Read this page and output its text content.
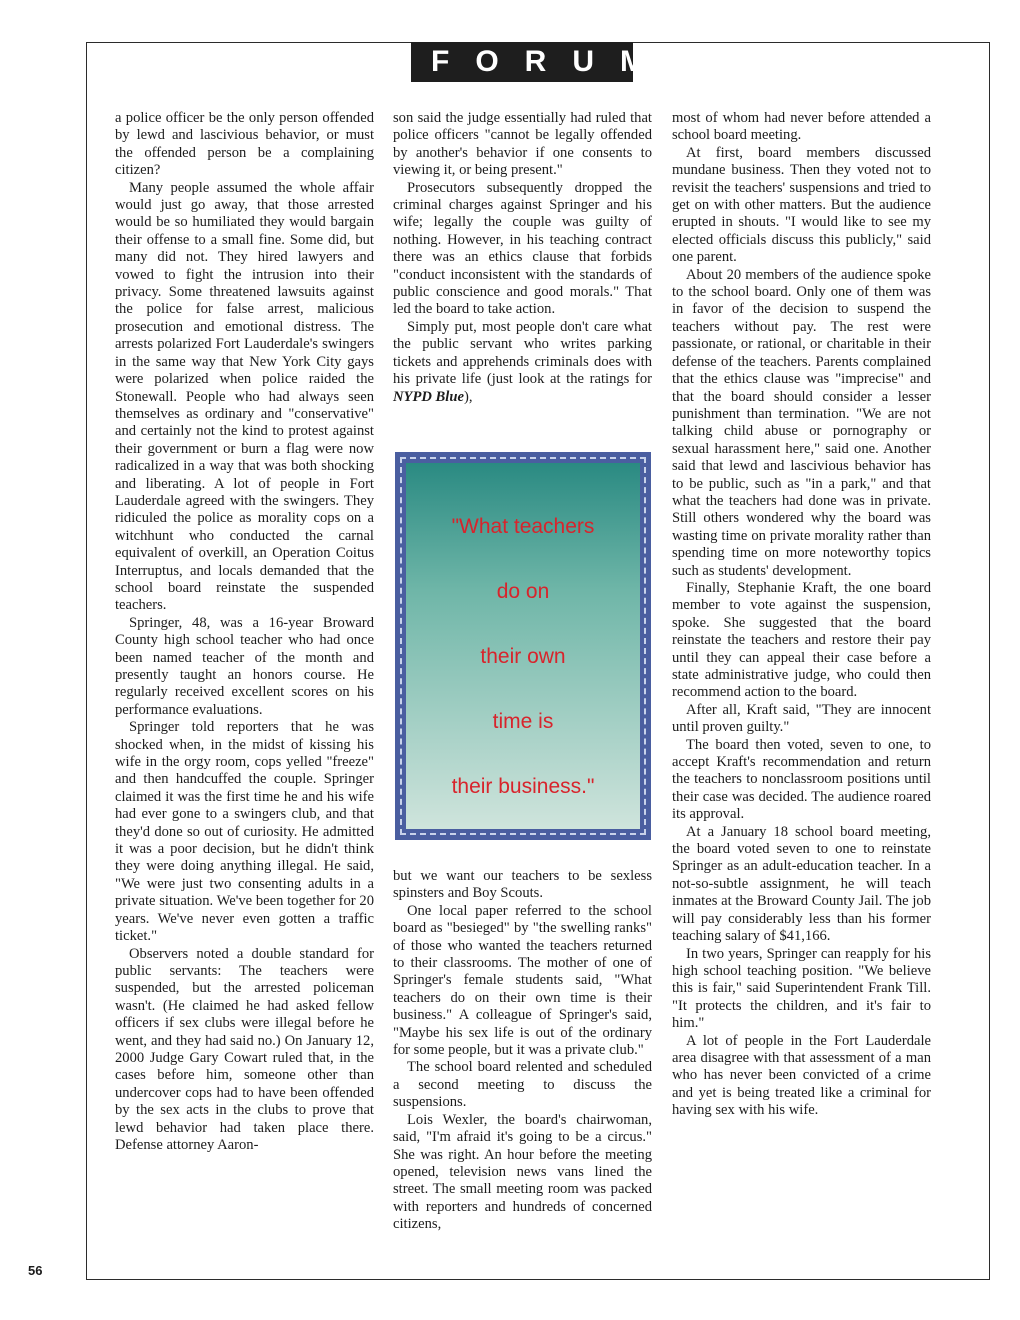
FORUM

a police officer be the only person offended by lewd and lascivious behavior, or must the offended person be a complaining citizen?

Many people assumed the whole affair would just go away, that those arrested would be so humiliated they would bargain their offense to a small fine. Some did, but many did not. They hired lawyers and vowed to fight the intrusion into their privacy. Some threatened lawsuits against the police for false arrest, malicious prosecution and emotional distress. The arrests polarized Fort Lauderdale's swingers in the same way that New York City gays were polarized when police raided the Stonewall. People who had always seen themselves as ordinary and "conservative" and certainly not the kind to protest against their government or burn a flag were now radicalized in a way that was both shocking and liberating. A lot of people in Fort Lauderdale agreed with the swingers. They ridiculed the police as morality cops on a witchhunt who conducted the carnal equivalent of overkill, an Operation Coitus Interruptus, and locals demanded that the school board reinstate the suspended teachers.

Springer, 48, was a 16-year Broward County high school teacher who had once been named teacher of the month and presently taught an honors course. He regularly received excellent scores on his performance evaluations.

Springer told reporters that he was shocked when, in the midst of kissing his wife in the orgy room, cops yelled "freeze" and then handcuffed the couple. Springer claimed it was the first time he and his wife had ever gone to a swingers club, and that they'd done so out of curiosity. He admitted it was a poor decision, but he didn't think they were doing anything illegal. He said, "We were just two consenting adults in a private situation. We've been together for 20 years. We've never even gotten a traffic ticket."

Observers noted a double standard for public servants: The teachers were suspended, but the arrested policeman wasn't. (He claimed he had asked fellow officers if sex clubs were illegal before he went, and they had said no.) On January 12, 2000 Judge Gary Cowart ruled that, in the cases before him, someone other than undercover cops had to have been offended by the sex acts in the clubs to prove that lewd behavior had taken place there. Defense attorney Aaron-

son said the judge essentially had ruled that police officers "cannot be legally offended by another's behavior if one consents to viewing it, or being present."

Prosecutors subsequently dropped the criminal charges against Springer and his wife; legally the couple was guilty of nothing. However, in his teaching contract there was an ethics clause that forbids "conduct inconsistent with the standards of public conscience and good morals." That led the board to take action.

Simply put, most people don't care what the public servant who writes parking tickets and apprehends criminals does with his private life (just look at the ratings for NYPD Blue),

"What teachers
do on
their own
time is
their business."

but we want our teachers to be sexless spinsters and Boy Scouts.

One local paper referred to the school board as "besieged" by "the swelling ranks" of those who wanted the teachers returned to their classrooms. The mother of one of Springer's female students said, "What teachers do on their own time is their business." A colleague of Springer's said, "Maybe his sex life is out of the ordinary for some people, but it was a private club."

The school board relented and scheduled a second meeting to discuss the suspensions.

Lois Wexler, the board's chairwoman, said, "I'm afraid it's going to be a circus." She was right. An hour before the meeting opened, television news vans lined the street. The small meeting room was packed with reporters and hundreds of concerned citizens,

most of whom had never before attended a school board meeting.

At first, board members discussed mundane business. Then they voted not to revisit the teachers' suspensions and tried to get on with other matters. But the audience erupted in shouts. "I would like to see my elected officials discuss this publicly," said one parent.

About 20 members of the audience spoke to the school board. Only one of them was in favor of the decision to suspend the teachers without pay. The rest were passionate, or rational, or charitable in their defense of the teachers. Parents complained that the ethics clause was "imprecise" and that the board should consider a lesser punishment than termination. "We are not talking child abuse or pornography or sexual harassment here," said one. Another said that lewd and lascivious behavior has to be public, such as "in a park," and that what the teachers had done was in private. Still others wondered why the board was wasting time on private morality rather than spending time on more noteworthy topics such as students' development.

Finally, Stephanie Kraft, the one board member to vote against the suspension, spoke. She suggested that the board reinstate the teachers and restore their pay until they can appeal their case before a state administrative judge, who could then recommend action to the board.

After all, Kraft said, "They are innocent until proven guilty."

The board then voted, seven to one, to accept Kraft's recommendation and return the teachers to nonclassroom positions until their case was decided. The audience roared its approval.

At a January 18 school board meeting, the board voted seven to one to reinstate Springer as an adult-education teacher. In a not-so-subtle assignment, he will teach inmates at the Broward County Jail. The job will pay considerably less than his former teaching salary of $41,166.

In two years, Springer can reapply for his high school teaching position. "We believe this is fair," said Superintendent Frank Till. "It protects the children, and it's fair to him."

A lot of people in the Fort Lauderdale area disagree with that assessment of a man who has never been convicted of a crime and yet is being treated like a criminal for having sex with his wife.

56
